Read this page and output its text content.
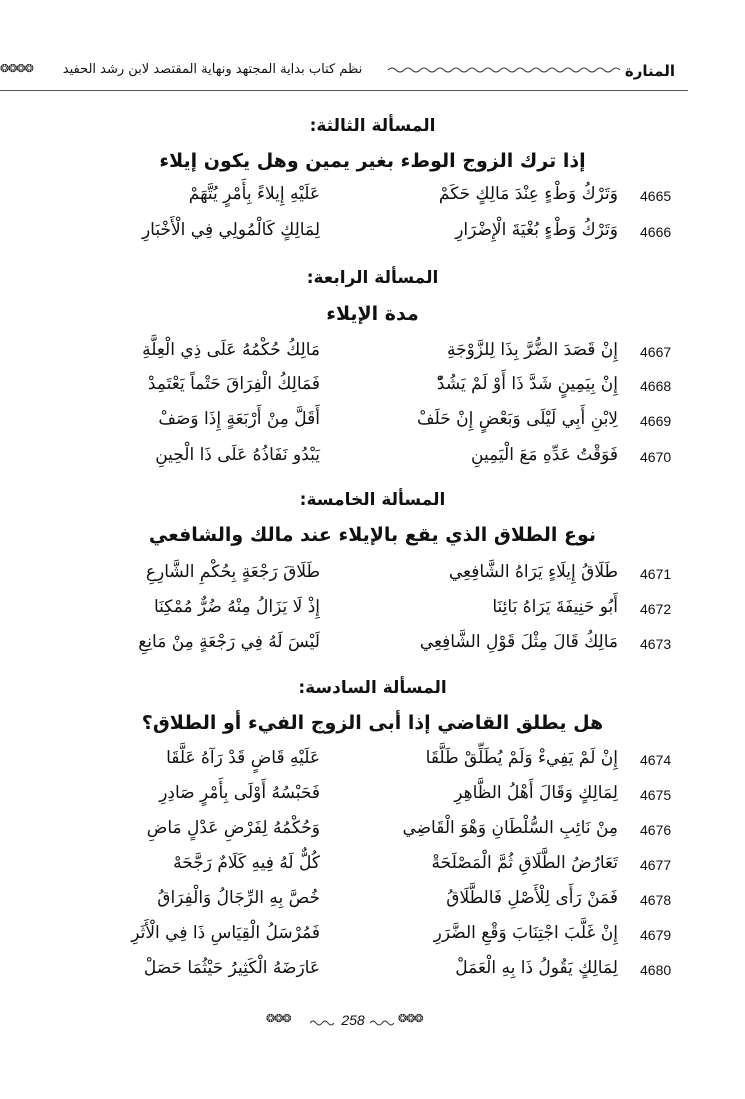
❂❂❂❂	نظم كتاب بداية المجتهد ونهاية المقتصد لابن رشد الحفيد	المنارة
المسألة الثالثة:
إذا ترك الزوج الوطء بغير يمين وهل يكون إيلاء
4665
وَتَرْكُ وَطْءٍ عِنْدَ مَالِكٍ حَكَمْ
عَلَيْهِ إِيلاءً بِأَمْرٍ يُتَّهَمْ
4666
وَتَرْكُ وَطْءٍ بُغْيَةَ الْإِضْرَارِ
لِمَالِكٍ كَالْمُولِي فِي الْأَخْبَارِ
المسألة الرابعة:
مدة الإيلاء
4667
إِنْ قَصَدَ الضُّرَّ بِذَا لِلزَّوْجَةِ
مَالِكُ حُكْمُهُ عَلَى ذِي الْعِلَّةِ
4668
إِنْ بِيَمِينٍ شَدَّ ذَا أَوْ لَمْ يَشُدّْ
فَمَالِكُ الْفِرَاقَ حَتْماً يَعْتَمِدْ
4669
لِابْنِ أَبِي لَيْلَى وَبَعْضٍ إِنْ حَلَفْ
أَقَلَّ مِنْ أَرْبَعَةٍ إِذَا وَصَفْ
4670
فَوَقْتُ عَدِّهِ مَعَ الْيَمِينِ
يَبْدُو نَفَاذُهُ عَلَى ذَا الْحِينِ
المسألة الخامسة:
نوع الطلاق الذي يقع بالإيلاء عند مالك والشافعي
4671
طَلَاقُ إِيلَاءٍ يَرَاهُ الشَّافِعِي
طَلَاقَ رَجْعَةٍ بِحُكْمِ الشَّارِعِ
4672
أَبُو حَنِيفَةَ يَرَاهُ بَائِنَا
إِذْ لَا يَزَالُ مِنْهُ ضُرٌّ مُمْكِنَا
4673
مَالِكُ قَالَ مِثْلَ قَوْلِ الشَّافِعِي
لَيْسَ لَهُ فِي رَجْعَةٍ مِنْ مَانِعِ
المسألة السادسة:
هل يطلق القاضي إذا أبى الزوج الفيء أو الطلاق؟
4674
إِنْ لَمْ يَفِيءْ وَلَمْ يُطَلِّقْ طَلَّقَا
عَلَيْهِ قَاضٍ قَدْ رَآهُ عَلَّقَا
4675
لِمَالِكٍ وَقَالَ أَهْلُ الظَّاهِرِ
فَحَبْسُهُ أَوْلَى بِأَمْرٍ صَادِرِ
4676
مِنْ نَائِبِ السُّلْطَانِ وَهْوَ الْقَاضِي
وَحُكْمُهُ لِفَرْضِ عَدْلٍ مَاضِ
4677
تَعَارُضُ الطَّلَاقِ ثُمَّ الْمَصْلَحَةْ
كُلٌّ لَهُ فِيهِ كَلَامٌ رَجَّحَهْ
4678
فَمَنْ رَأَى لِلْأَصْلِ فَالطَّلَاقُ
خُصَّ بِهِ الرِّجَالُ وَالْفِرَاقُ
4679
إِنْ غَلَّبَ اجْتِنَابَ وَقْعِ الضَّرَرِ
فَمُرْسَلُ الْقِيَاسِ ذَا فِي الْأَثَرِ
4680
لِمَالِكٍ يَقُولُ ذَا بِهِ الْعَمَلْ
عَارَضَهُ الْكَثِيرُ حَيْثُمَا حَصَلْ
❂❂❂	258	❂❂❂
